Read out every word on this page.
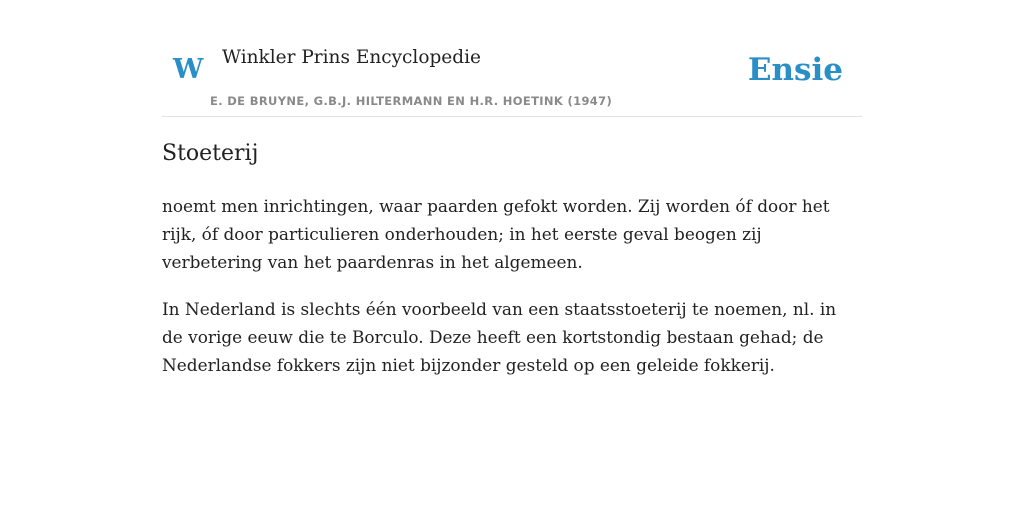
W Winkler Prins Encyclopedie
E. DE BRUYNE, G.B.J. HILTERMANN EN H.R. HOETINK (1947)
Ensie
Stoeterij

noemt men inrichtingen, waar paarden gefokt worden. Zij worden óf door het rijk, óf door particulieren onderhouden; in het eerste geval beogen zij verbetering van het paardenras in het algemeen.

In Nederland is slechts één voorbeeld van een staatsstoeterij te noemen, nl. in de vorige eeuw die te Borculo. Deze heeft een kortstondig bestaan gehad; de Nederlandse fokkers zijn niet bijzonder gesteld op een geleide fokkerij.
